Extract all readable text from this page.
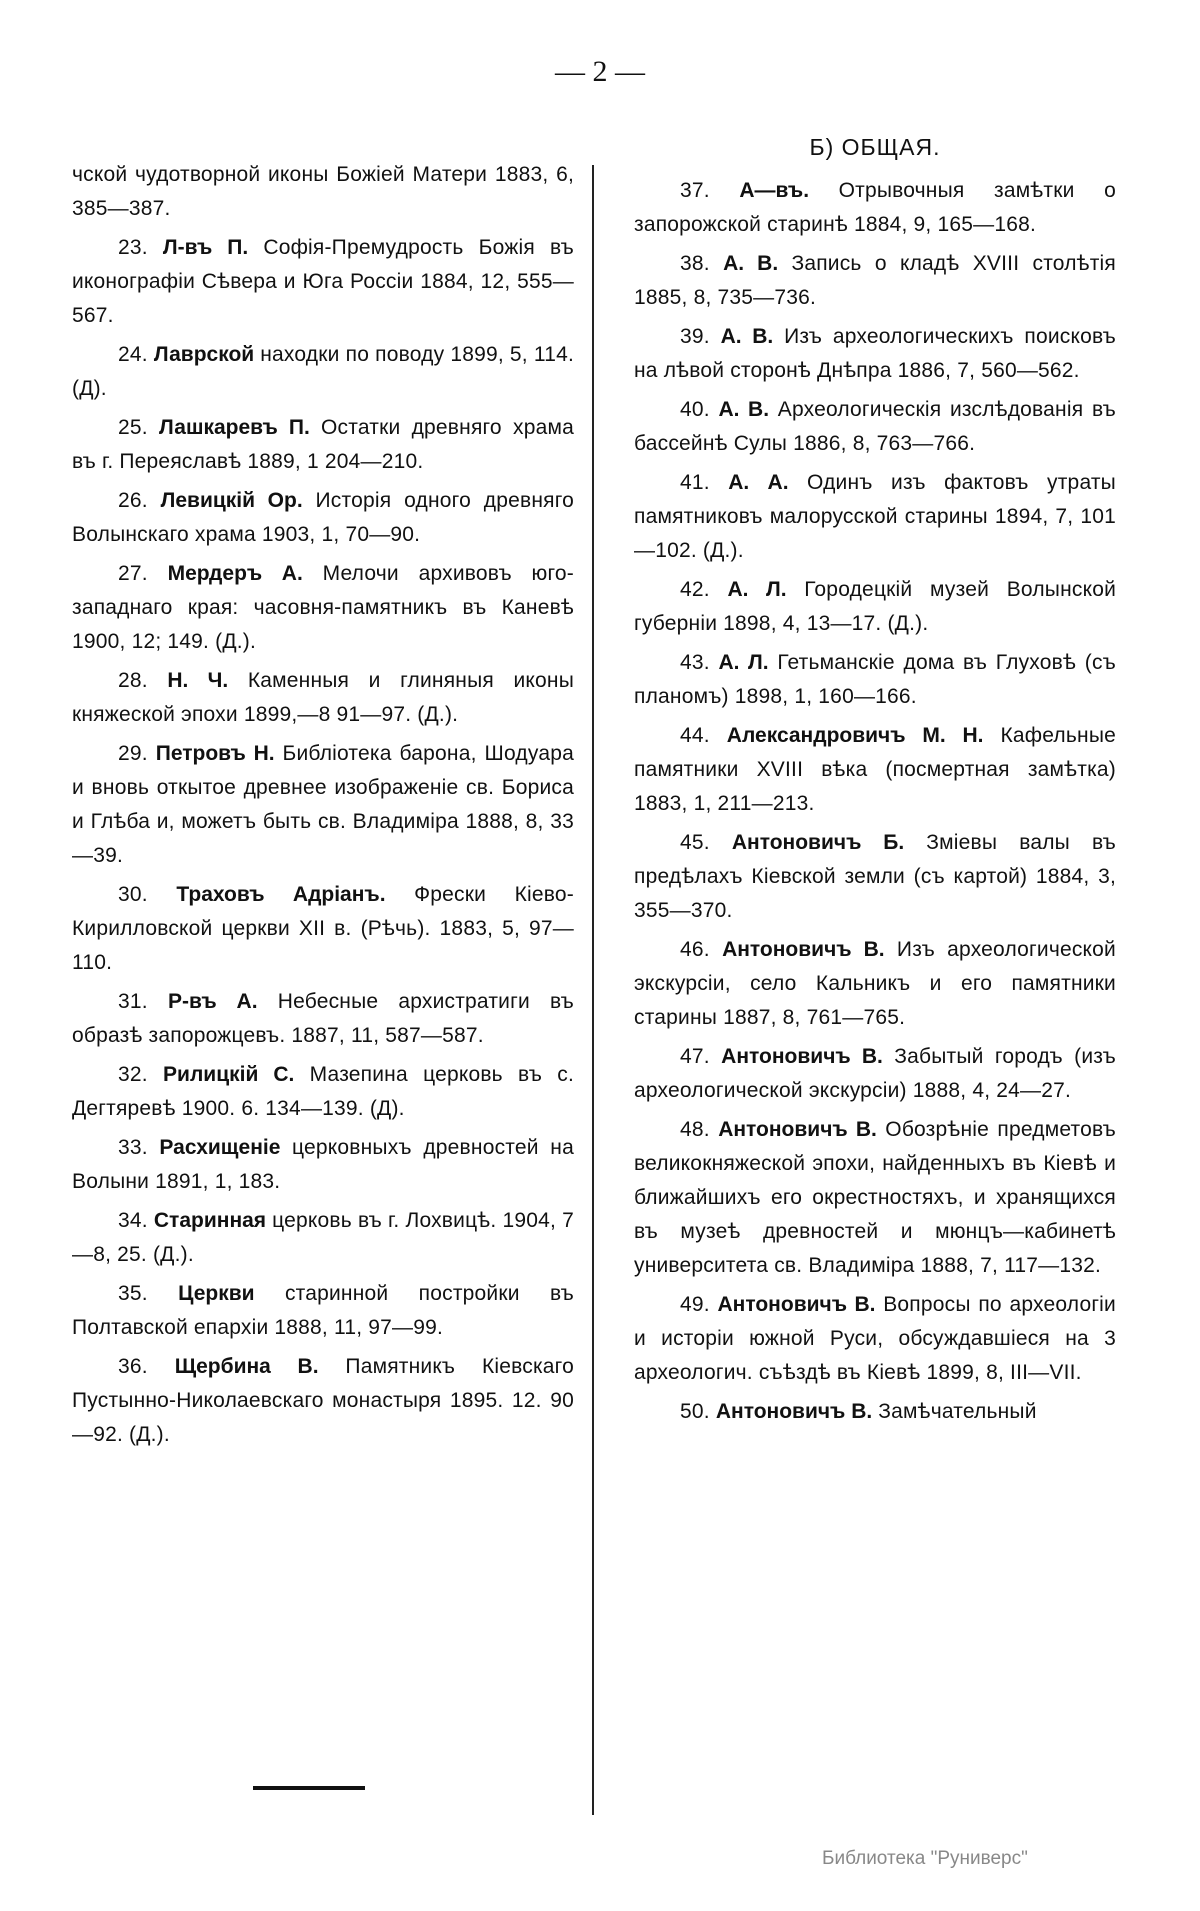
— 2 —

чской чудотворной иконы Божіей Матери 1883, 6, 385—387.

23. Л-въ П. Софія-Премудрость Божія въ иконографіи Сѣвера и Юга Россіи 1884, 12, 555—567.

24. Лаврской находки по поводу 1899, 5, 114. (Д).

25. Лашкаревъ П. Остатки древняго храма въ г. Переяславѣ 1889, 1 204—210.

26. Левицкій Ор. Исторія одного древняго Волынскаго храма 1903, 1, 70—90.

27. Мердеръ А. Мелочи архивовъ юго-западнаго края: часовня-памятникъ въ Каневѣ 1900, 12; 149. (Д.).

28. Н. Ч. Каменныя и глиняныя иконы княжеской эпохи 1899,—8 91—97. (Д.).

29. Петровъ Н. Библіотека барона, Шодуара и вновь откытое древнее изображеніе св. Бориса и Глѣба и, можетъ быть св. Владиміра 1888, 8, 33—39.

30. Траховъ Адріанъ. Фрески Кіево-Кирилловской церкви XII в. (Рѣчь). 1883, 5, 97—110.

31. Р-въ А. Небесные архистратиги въ образѣ запорожцевъ. 1887, 11, 587—587.

32. Рилицкій С. Мазепина церковь въ с. Дегтяревѣ 1900. 6. 134—139. (Д).

33. Расхищеніе церковныхъ древностей на Волыни 1891, 1, 183.

34. Старинная церковь въ г. Лохвицѣ. 1904, 7—8, 25. (Д.).

35. Церкви старинной постройки въ Полтавской епархіи 1888, 11, 97—99.

36. Щербина В. Памятникъ Кіевскаго Пустынно-Николаевскаго монастыря 1895. 12. 90—92. (Д.).

Б) ОБЩАЯ.

37. А—въ. Отрывочныя замѣтки о запорожской старинѣ 1884, 9, 165—168.

38. А. В. Запись о кладѣ XVIII столѣтія 1885, 8, 735—736.

39. А. В. Изъ археологическихъ поисковъ на лѣвой сторонѣ Днѣпра 1886, 7, 560—562.

40. А. В. Археологическія изслѣдованія въ бассейнѣ Сулы 1886, 8, 763—766.

41. А. А. Одинъ изъ фактовъ утраты памятниковъ малорусской старины 1894, 7, 101—102. (Д.).

42. А. Л. Городецкій музей Волынской губерніи 1898, 4, 13—17. (Д.).

43. А. Л. Гетьманскіе дома въ Глуховѣ (съ планомъ) 1898, 1, 160—166.

44. Александровичъ М. Н. Кафельные памятники XVIII вѣка (посмертная замѣтка) 1883, 1, 211—213.

45. Антоновичъ Б. Зміевы валы въ предѣлахъ Кіевской земли (съ картой) 1884, 3, 355—370.

46. Антоновичъ В. Изъ археологической экскурсіи, село Кальникъ и его памятники старины 1887, 8, 761—765.

47. Антоновичъ В. Забытый городъ (изъ археологической экскурсіи) 1888, 4, 24—27.

48. Антоновичъ В. Обозрѣніе предметовъ великокняжеской эпохи, найденныхъ въ Кіевѣ и ближайшихъ его окрестностяхъ, и хранящихся въ музеѣ древностей и мюнцъ—кабинетѣ университета св. Владиміра 1888, 7, 117—132.

49. Антоновичъ В. Вопросы по археологіи и исторіи южной Руси, обсуждавшіеся на 3 археологич. съѣздѣ въ Кіевѣ 1899, 8, III—VII.

50. Антоновичъ В. Замѣчательный

Библиотека "Руниверс"
